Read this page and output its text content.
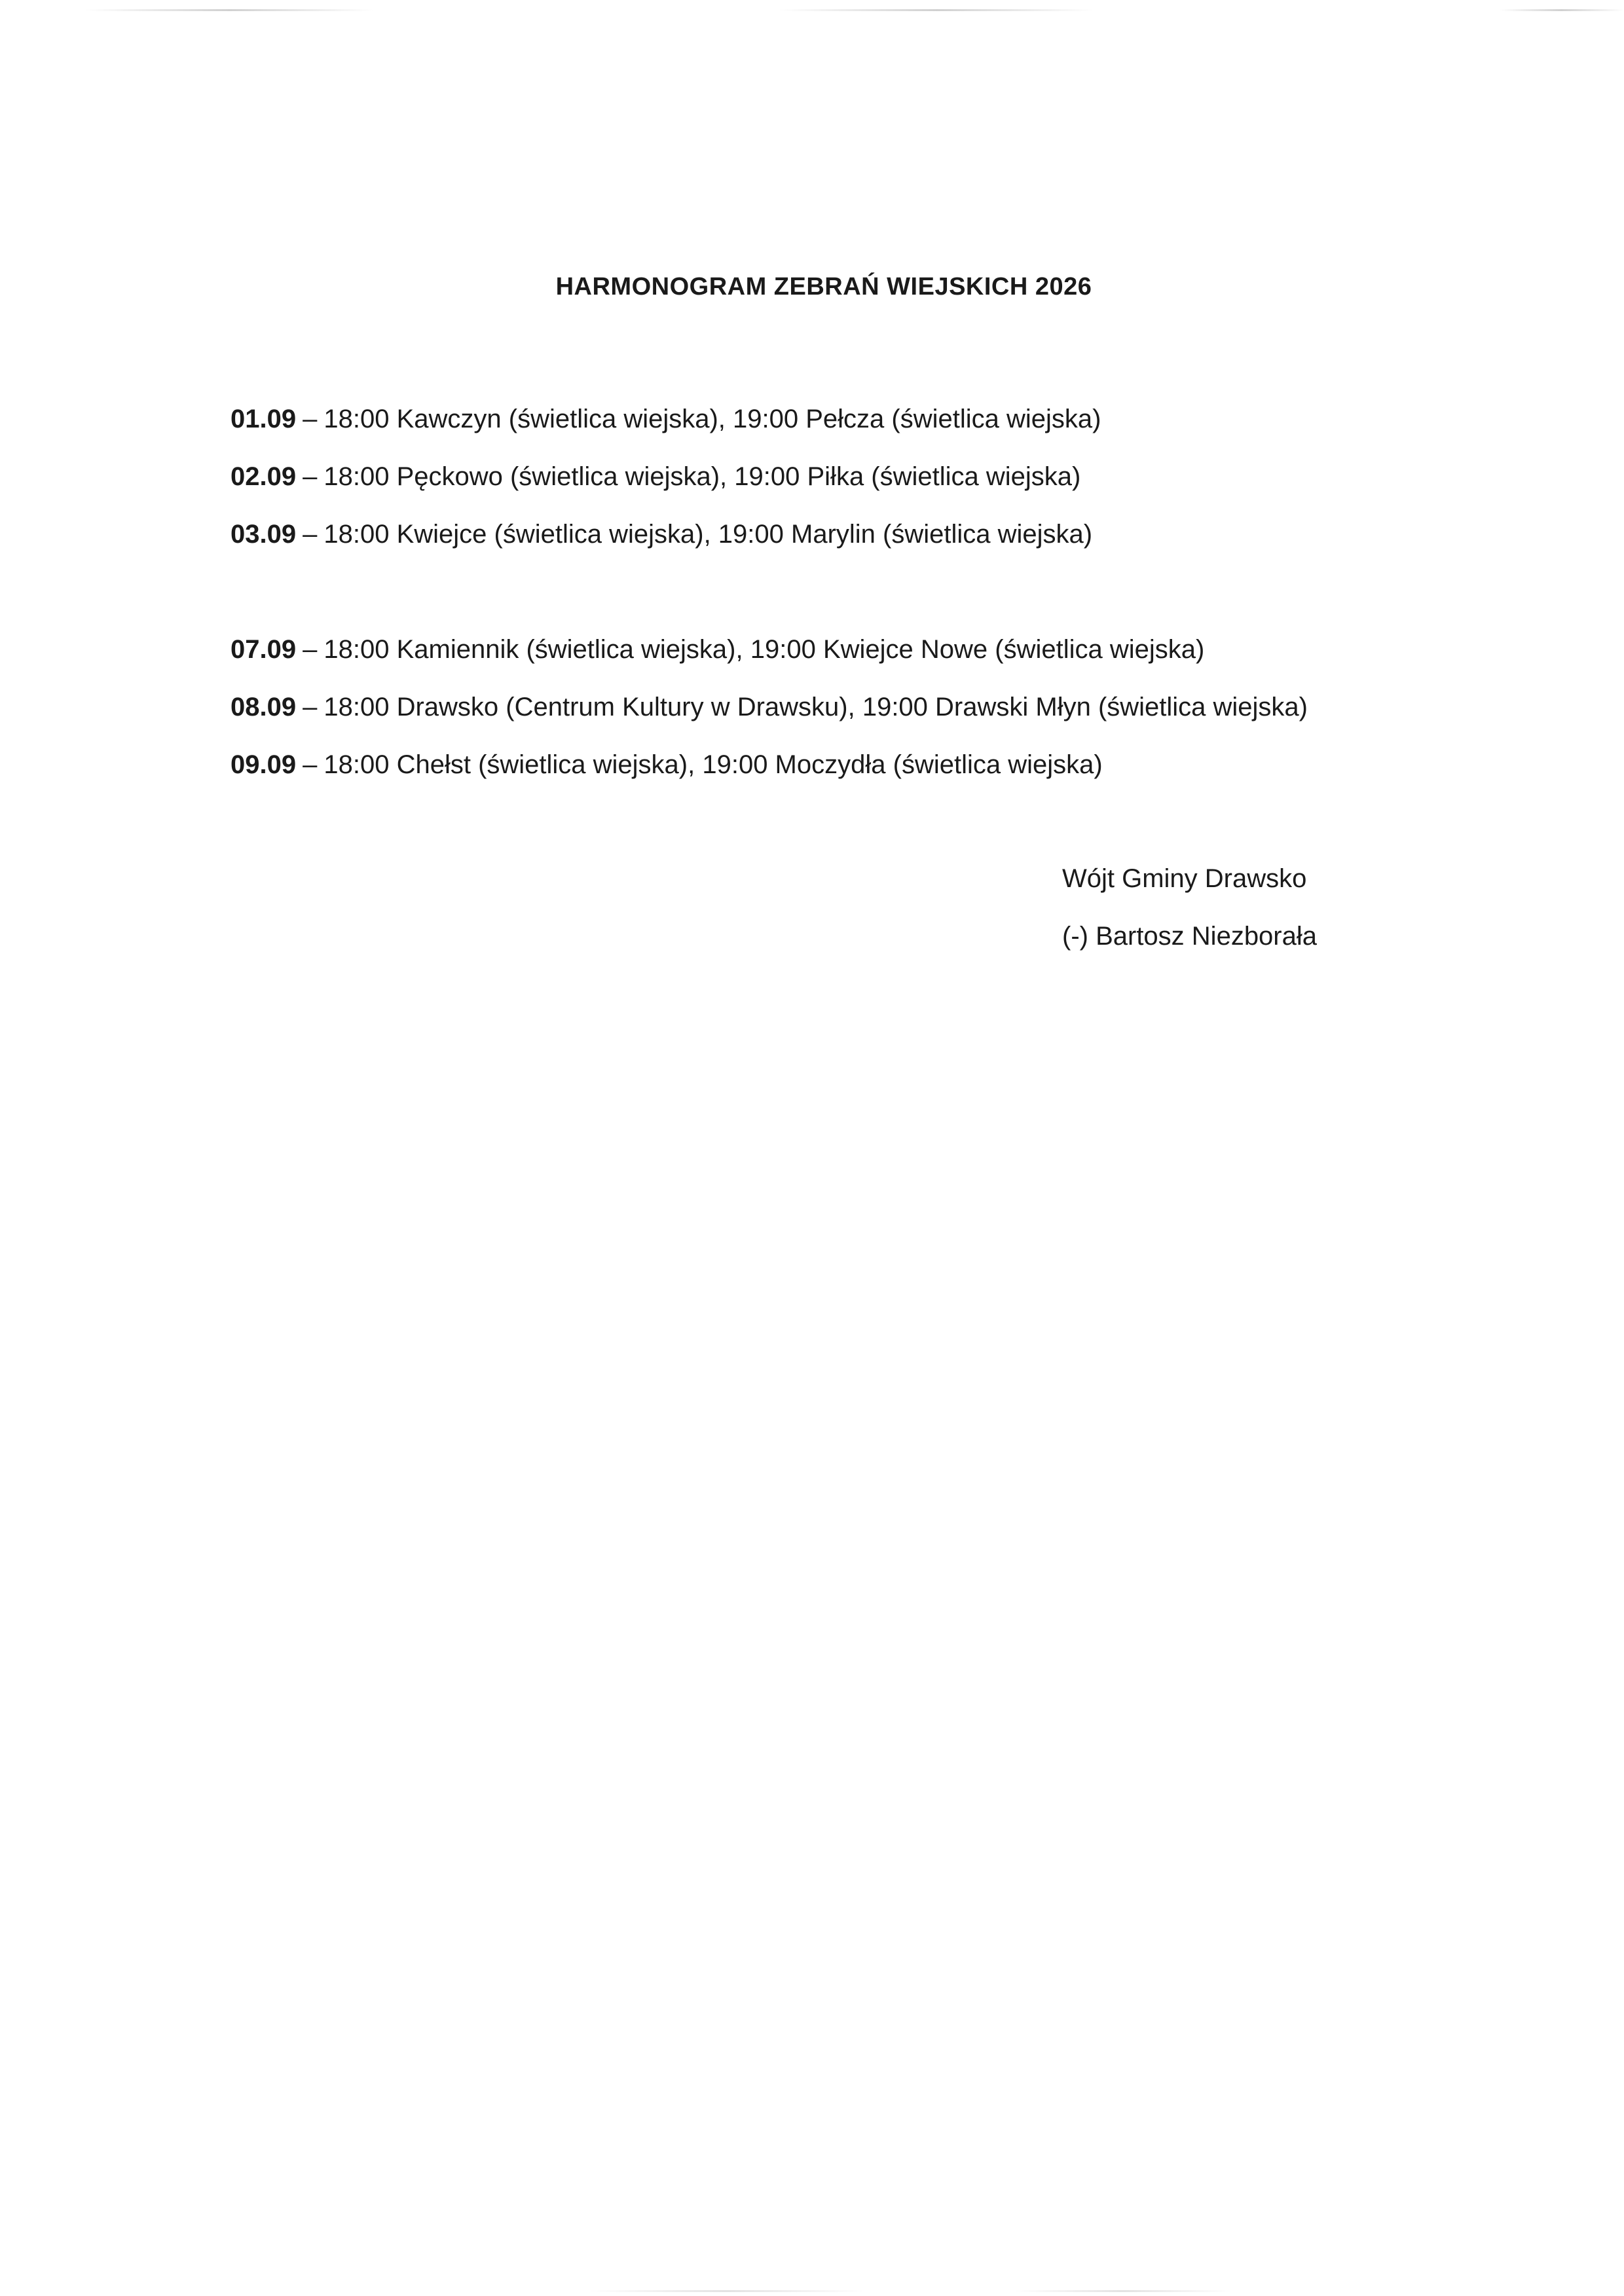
HARMONOGRAM ZEBRAŃ WIEJSKICH 2026
01.09 – 18:00 Kawczyn (świetlica wiejska), 19:00 Pełcza (świetlica wiejska)
02.09 – 18:00 Pęckowo (świetlica wiejska), 19:00 Piłka (świetlica wiejska)
03.09 – 18:00 Kwiejce (świetlica wiejska), 19:00 Marylin (świetlica wiejska)
07.09 – 18:00 Kamiennik (świetlica wiejska), 19:00 Kwiejce Nowe (świetlica wiejska)
08.09 – 18:00 Drawsko (Centrum Kultury w Drawsku), 19:00 Drawski Młyn (świetlica wiejska)
09.09 – 18:00 Chełst (świetlica wiejska), 19:00 Moczydła (świetlica wiejska)
Wójt Gminy Drawsko
(-) Bartosz Niezborała
